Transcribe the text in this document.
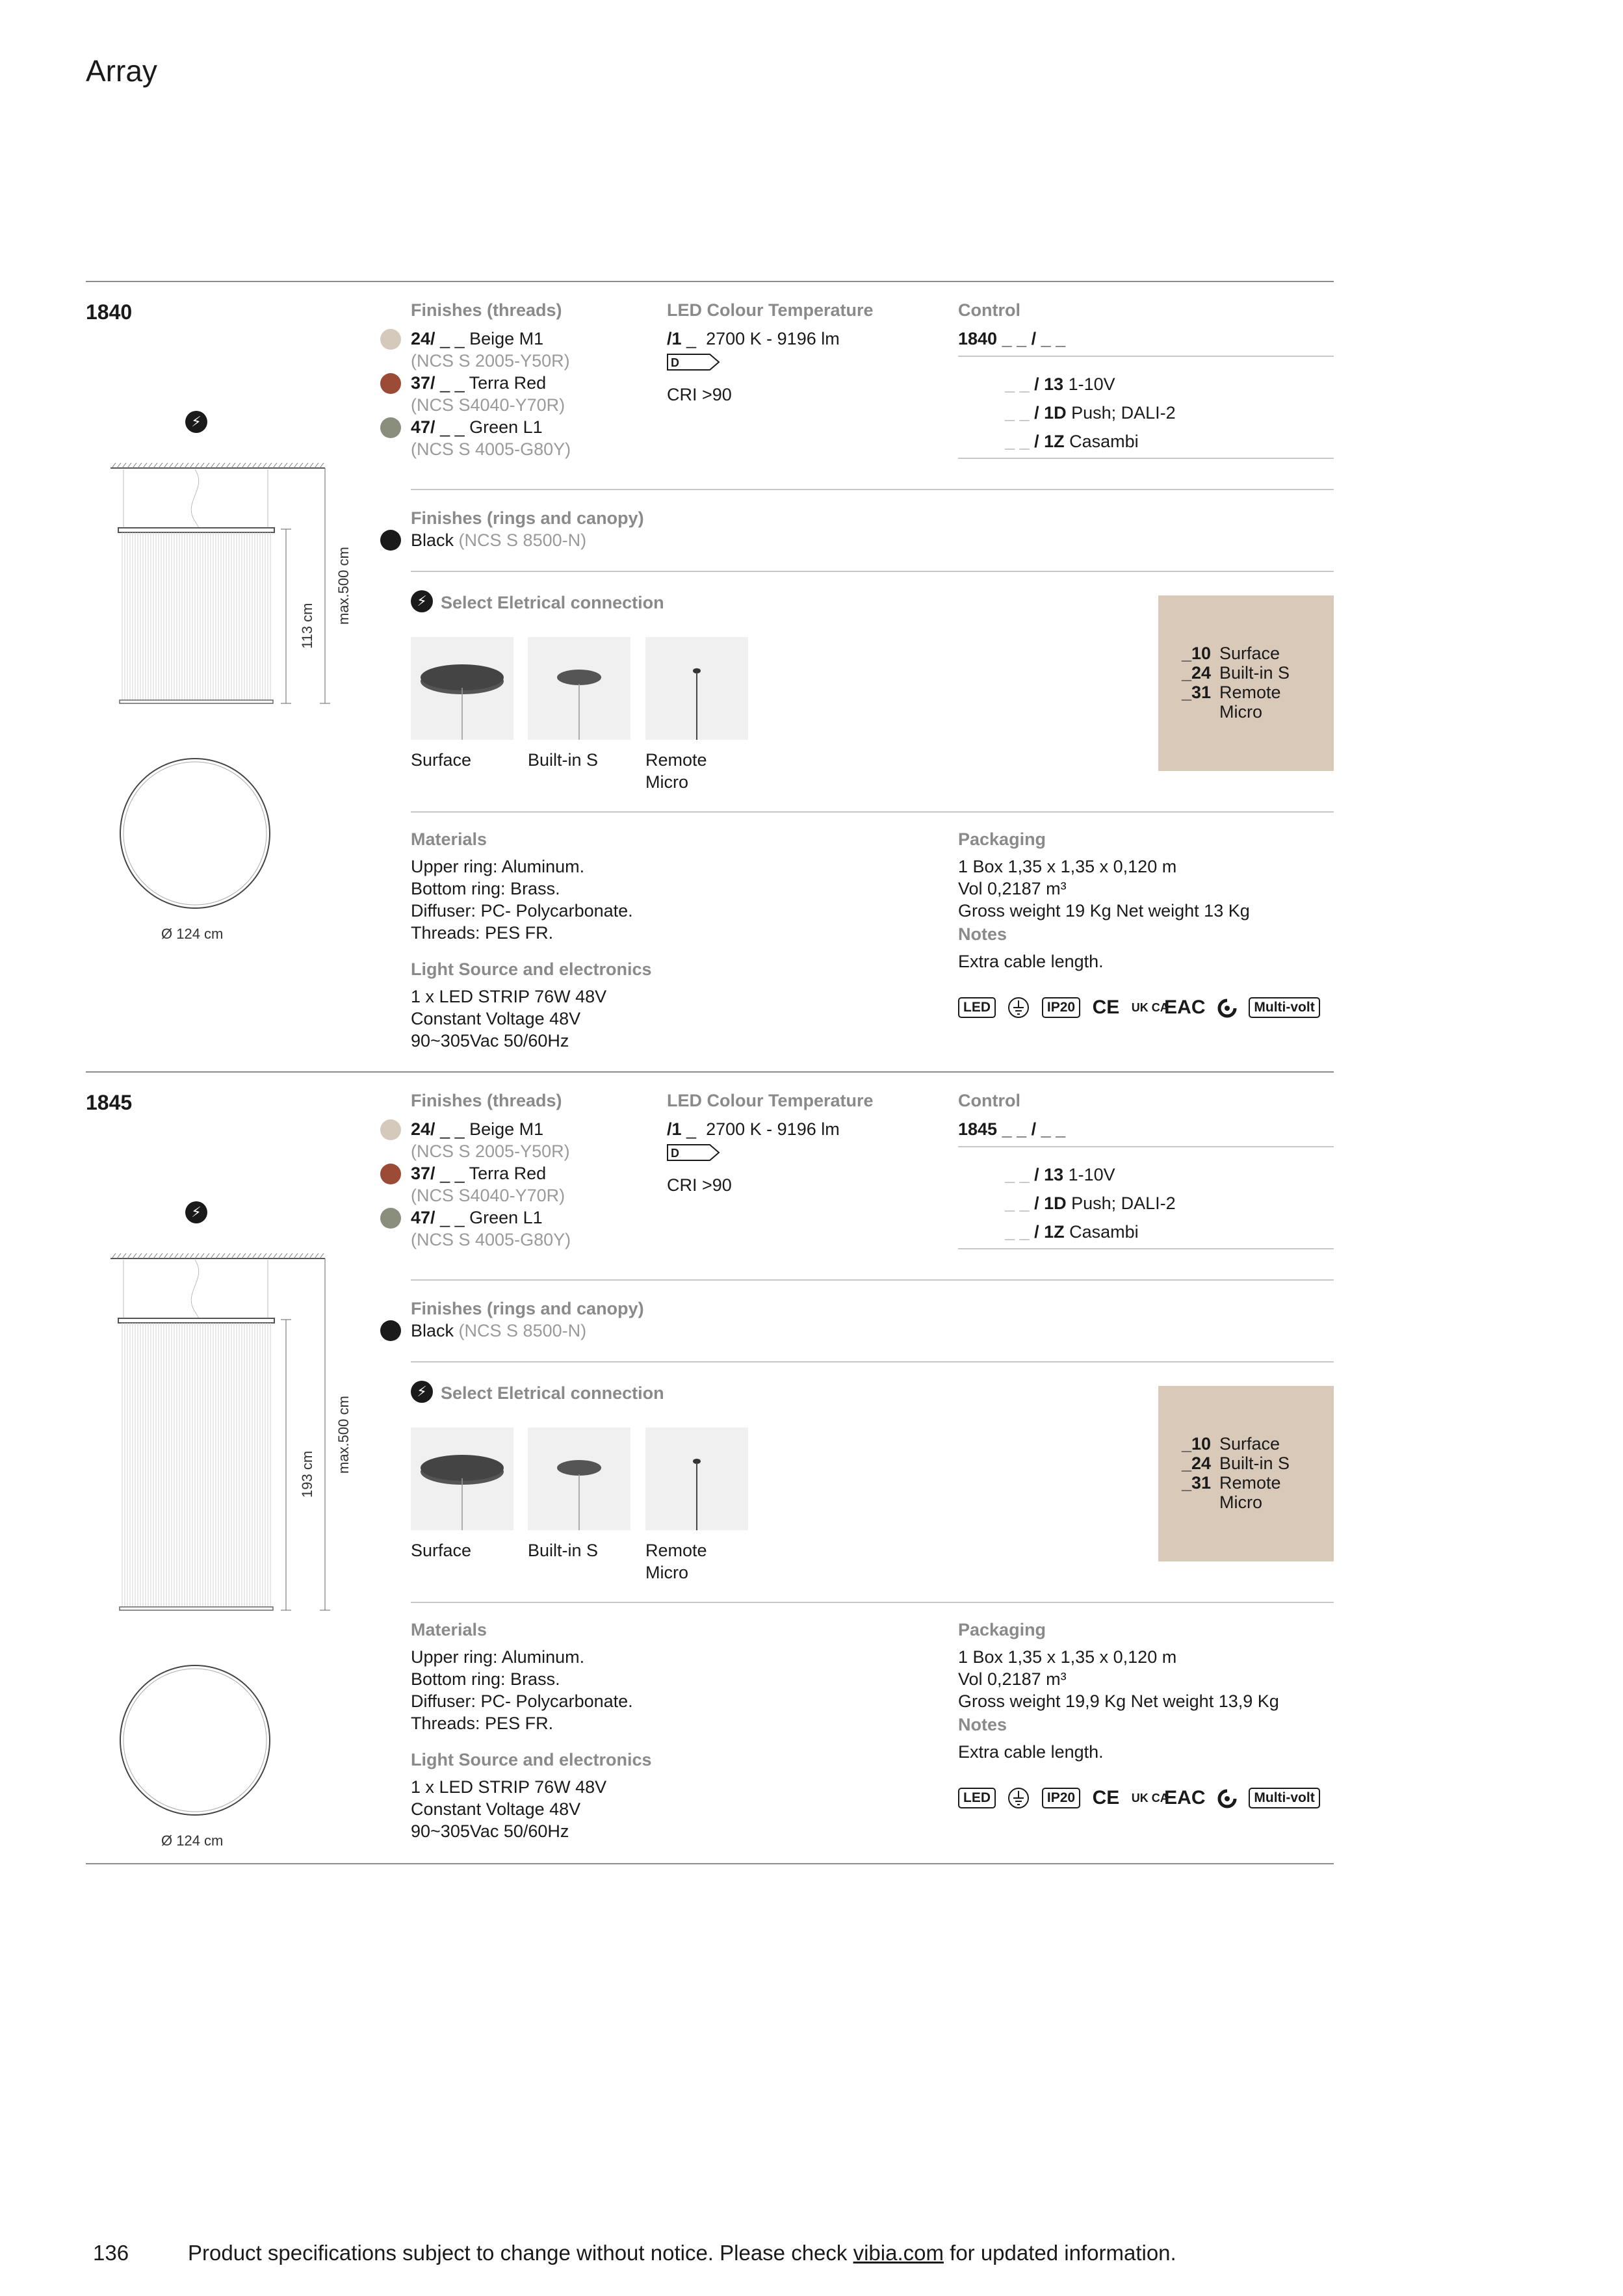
Array
1840
⚡
Finishes (threads)
24/ _ _ Beige M1
(NCS S 2005-Y50R)
37/ _ _ Terra Red
(NCS S4040-Y70R)
47/ _ _ Green L1
(NCS S 4005-G80Y)
LED Colour Temperature
/1 _ 2700 K - 9196 lm
D
CRI >90
Control
1840 _ _ / _ _
_ _ / 13 1-10V
_ _ / 1D Push; DALI-2
_ _ / 1Z Casambi
Finishes (rings and canopy)
Black (NCS S 8500-N)
⚡ Select Eletrical connection
Surface	Built-in S	Remote
Micro
_10 Surface
_24 Built-in S
_31 Remote
Micro
Materials
Upper ring: Aluminum.
Bottom ring: Brass.
Diffuser: PC- Polycarbonate.
Threads: PES FR.
Light Source and electronics
1 x LED STRIP 76W 48V
Constant Voltage 48V
90~305Vac 50/60Hz
Packaging
1 Box 1,35 x 1,35 x 0,120 m
Vol 0,2187 m³
Gross weight 19 Kg Net weight 13 Kg
Notes
Extra cable length.
LED	IP20 CE UK CA EAC	Multi-volt
113 cm
max.500 cm
Ø 124 cm
1845
⚡
Finishes (threads)
24/ _ _ Beige M1
(NCS S 2005-Y50R)
37/ _ _ Terra Red
(NCS S4040-Y70R)
47/ _ _ Green L1
(NCS S 4005-G80Y)
LED Colour Temperature
/1 _ 2700 K - 9196 lm
D
CRI >90
Control
1845 _ _ / _ _
_ _ / 13 1-10V
_ _ / 1D Push; DALI-2
_ _ / 1Z Casambi
Finishes (rings and canopy)
Black (NCS S 8500-N)
⚡ Select Eletrical connection
Surface	Built-in S	Remote
Micro
_10 Surface
_24 Built-in S
_31 Remote
Micro
Materials
Upper ring: Aluminum.
Bottom ring: Brass.
Diffuser: PC- Polycarbonate.
Threads: PES FR.
Light Source and electronics
1 x LED STRIP 76W 48V
Constant Voltage 48V
90~305Vac 50/60Hz
Packaging
1 Box 1,35 x 1,35 x 0,120 m
Vol 0,2187 m³
Gross weight 19,9 Kg Net weight 13,9 Kg
Notes
Extra cable length.
LED	IP20 CE UK CA EAC	Multi-volt
193 cm
max.500 cm
Ø 124 cm
136	Product specifications subject to change without notice. Please check vibia.com for updated information.
